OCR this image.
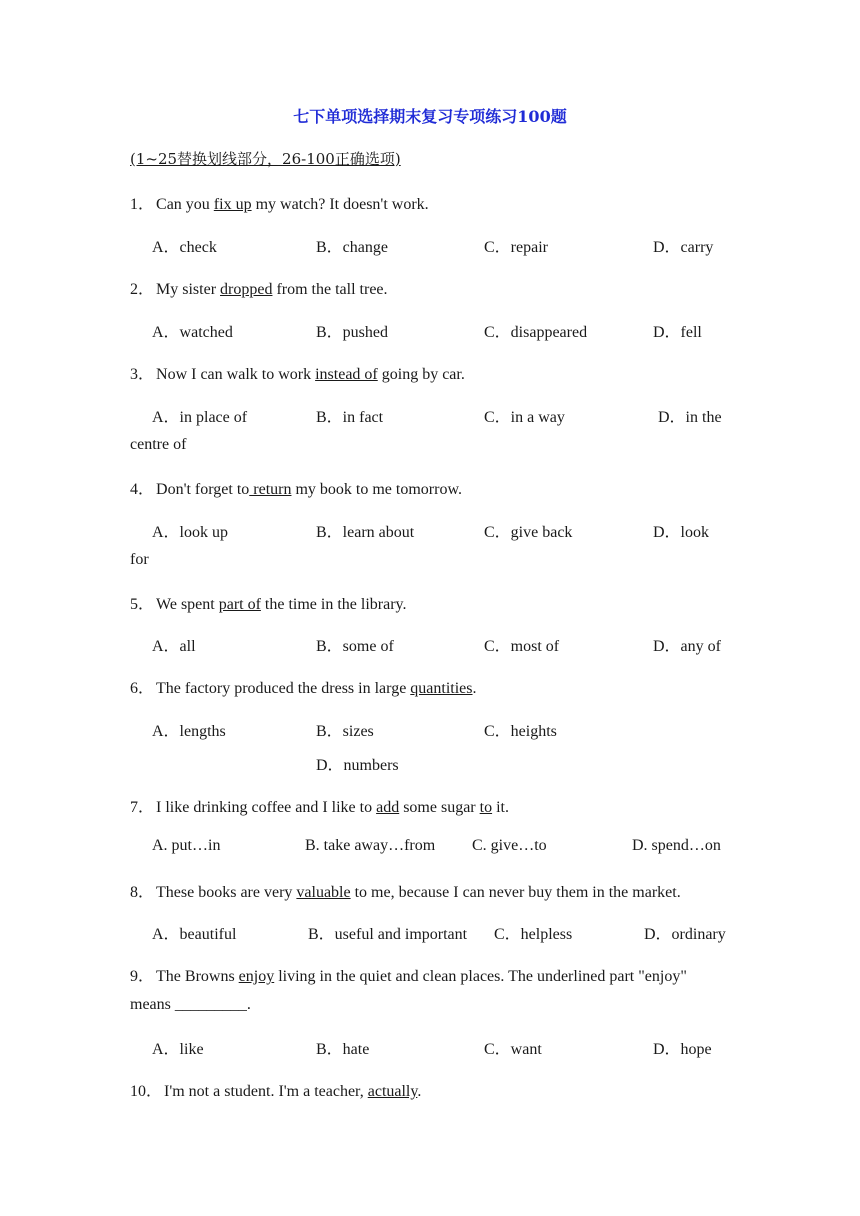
七下单项选择期末复习专项练习100题
(1~25替换划线部分，26-100正确选项)
1． Can you fix up my watch? It doesn't work.
A．check	B．change	C．repair	D．carry
2． My sister dropped from the tall tree.
A．watched	B．pushed	C．disappeared	D．fell
3． Now I can walk to work instead of going by car.
A．in place of	B．in fact	C．in a way	D．in the
centre of
4． Don't forget to return my book to me tomorrow.
A．look up	B．learn about	C．give back	D．look
for
5． We spent part of the time in the library.
A．all	B．some of	C．most of	D．any of
6． The factory produced the dress in large quantities.
A．lengths	B．sizes	C．heights
D．numbers
7． I like drinking coffee and I like to add some sugar to it.
A. put…in	B. take away…from C. give…to	D. spend…on
8． These books are very valuable to me, because I can never buy them in the market.
A．beautiful	B．useful and important C．helpless	D．ordinary
9． The Browns enjoy living in the quiet and clean places. The underlined part "enjoy"
means _________.
A．like	B．hate	C．want	D．hope
10． I'm not a student. I'm a teacher, actually.
